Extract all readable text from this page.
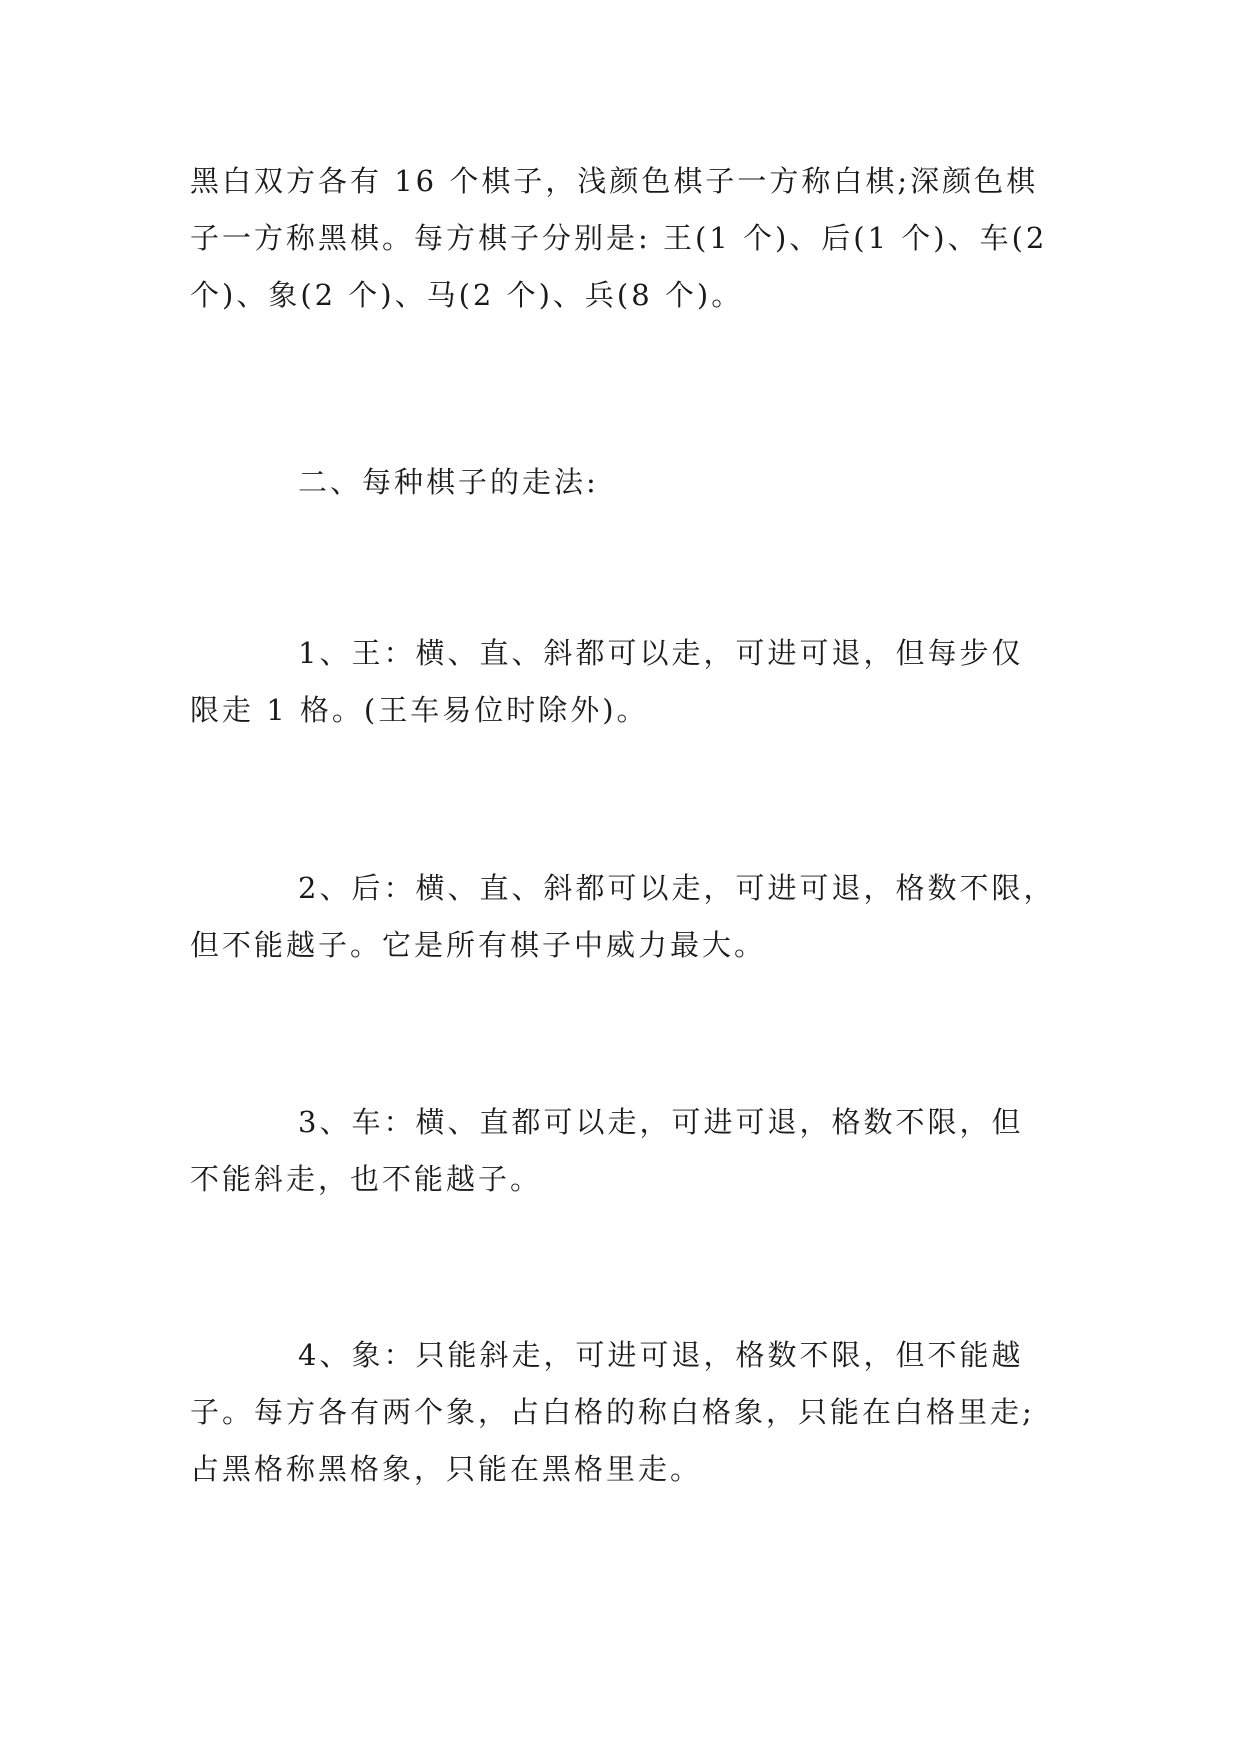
黑白双方各有 16 个棋子，浅颜色棋子一方称白棋;深颜色棋
子一方称黑棋。每方棋子分别是: 王(1 个)、后(1 个)、车(2
个)、象(2 个)、马(2 个)、兵(8 个)。
二、每种棋子的走法:
1、王：横、直、斜都可以走，可进可退，但每步仅
限走 1 格。(王车易位时除外)。
2、后：横、直、斜都可以走，可进可退，格数不限，
但不能越子。它是所有棋子中威力最大。
3、车：横、直都可以走，可进可退，格数不限，但
不能斜走，也不能越子。
4、象：只能斜走，可进可退，格数不限，但不能越
子。每方各有两个象，占白格的称白格象，只能在白格里走;
占黑格称黑格象，只能在黑格里走。
